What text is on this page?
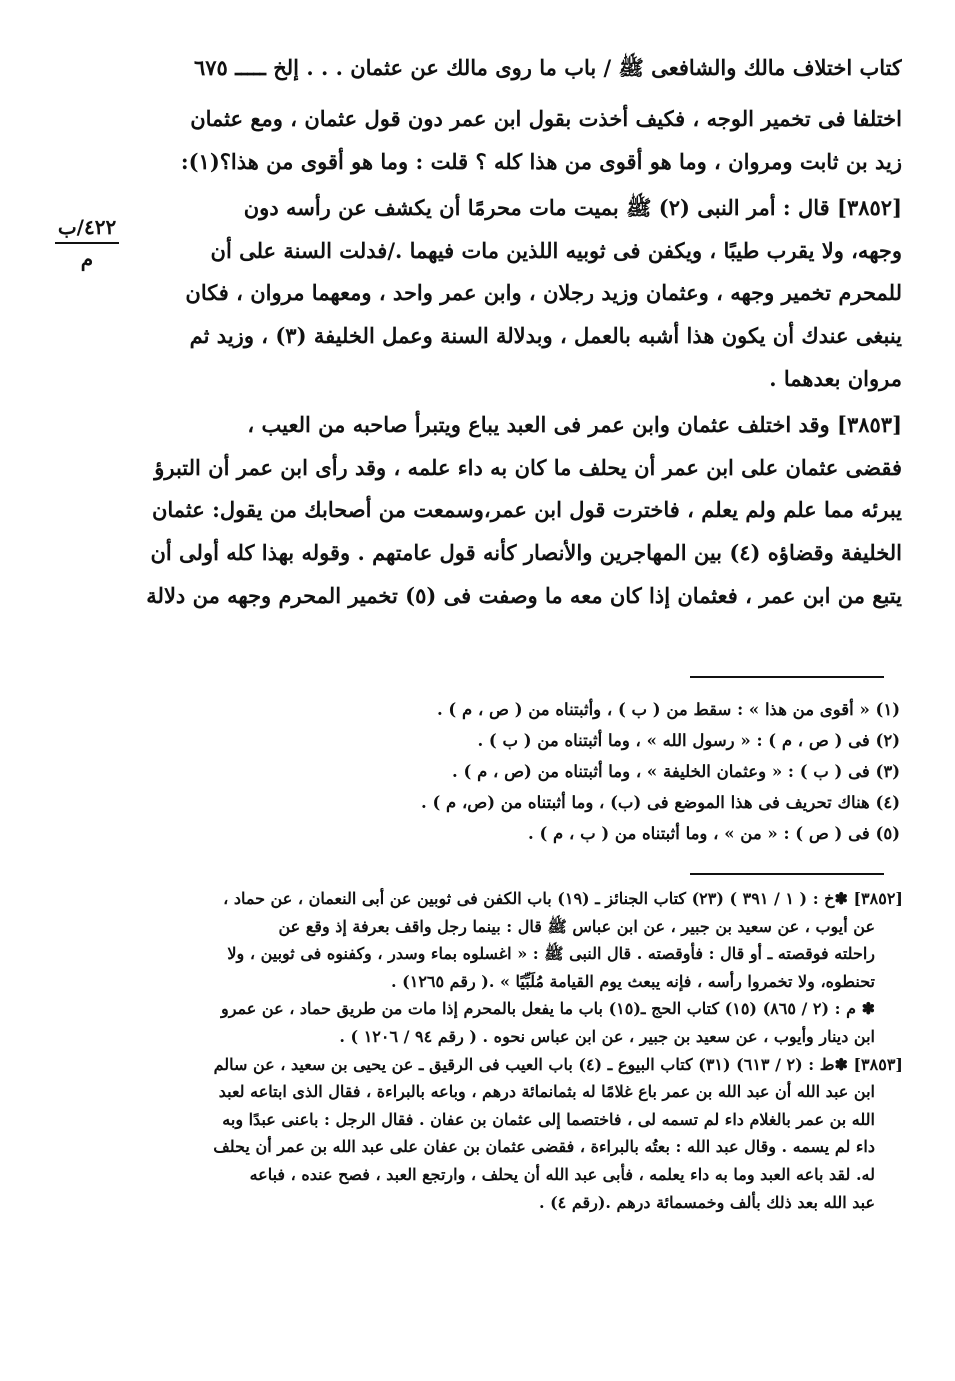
كتاب اختلاف مالك والشافعى ﷺ / باب ما روى مالك عن عثمان . . . إلخ ـــــ ٦٧٥
٤٢٢/ب
م

اختلفا فى تخمير الوجه ، فكيف أخذت بقول ابن عمر دون قول عثمان ، ومع عثمان

زيد بن ثابت ومروان ، وما هو أقوى من هذا كله ؟ قلت : وما هو أقوى من هذا؟(١):

[٣٨٥٢] قال : أمر النبى (٢) ﷺ بميت مات محرمًا أن يكشف عن رأسه دون

وجهه، ولا يقرب طيبًا ، ويكفن فى ثوبيه اللذين مات فيهما ./فدلت السنة على أن

للمحرم تخمير وجهه ، وعثمان وزيد رجلان ، وابن عمر واحد ، ومعهما مروان ، فكان

ينبغى عندك أن يكون هذا أشبه بالعمل ، وبدلالة السنة وعمل الخليفة (٣) ، وزيد ثم

مروان بعدهما .

[٣٨٥٣] وقد اختلف عثمان وابن عمر فى العبد يباع ويتبرأ صاحبه من العيب ،

فقضى عثمان على ابن عمر أن يحلف ما كان به داء علمه ، وقد رأى ابن عمر أن التبرؤ

يبرئه مما علم ولم يعلم ، فاخترت قول ابن عمر،وسمعت من أصحابك من يقول: عثمان

الخليفة وقضاؤه (٤) بين المهاجرين والأنصار كأنه قول عامتهم . وقوله بهذا كله أولى أن

يتبع من ابن عمر ، فعثمان إذا كان معه ما وصفت فى (٥) تخمير المحرم وجهه من دلالة

(١) « أقوى من هذا » : سقط من ( ب ) ، وأثبتناه من ( ص ، م ) .
(٢) فى ( ص ، م ) : « رسول الله » ، وما أثبتناه من ( ب ) .
(٣) فى ( ب ) : « وعثمان الخليفة » ، وما أثبتناه من (ص ، م ) .
(٤) هناك تحريف فى هذا الموضع فى (ب) ، وما أثبتناه من (ص، م ) .
(٥) فى ( ص ) : « من » ، وما أثبتناه من ( ب ، م ) .
[٣٨٥٢] ✽خ : ( ١ / ٣٩١ ) (٢٣) كتاب الجنائز ـ (١٩) باب الكفن فى ثوبين عن أبى النعمان ، عن حماد ،
عن أيوب ، عن سعيد بن جبير ، عن ابن عباس ﷺ قال : بينما رجل واقف بعرفة إذ وقع عن
راحلته فوقصته ـ أو قال : فأوقصته . قال النبى ﷺ : « اغسلوه بماء وسدر ، وكفنوه فى ثوبين ، ولا
تحنطوه، ولا تخمروا رأسه ، فإنه يبعث يوم القيامة مُلَبِّيًا » .( رقم ١٢٦٥) .
✽ م : (٢ / ٨٦٥) (١٥) كتاب الحج ـ(١٥) باب ما يفعل بالمحرم إذا مات من طريق حماد ، عن عمرو
ابن دينار وأيوب ، عن سعيد بن جبير ، عن ابن عباس نحوه . ( رقم ٩٤ / ١٢٠٦ ) .
[٣٨٥٣] ✽ط : (٢ / ٦١٣) (٣١) كتاب البيوع ـ (٤) باب العيب فى الرقيق ـ عن يحيى بن سعيد ، عن سالم
ابن عبد الله أن عبد الله بن عمر باع غلامًا له بثمانمائة درهم ، وباعه بالبراءة ، فقال الذى ابتاعه لعبد
الله بن عمر بالغلام داء لم تسمه لى ، فاختصما إلى عثمان بن عفان . فقال الرجل : باعنى عبدًا وبه
داء لم يسمه . وقال عبد الله : بعتُه بالبراءة ، فقضى عثمان بن عفان على عبد الله بن عمر أن يحلف
له. لقد باعه العبد وما به داء يعلمه ، فأبى عبد الله أن يحلف ، وارتجع العبد ، فصح عنده ، فباعه
عبد الله بعد ذلك بألف وخمسمائة درهم .(رقم ٤) .
